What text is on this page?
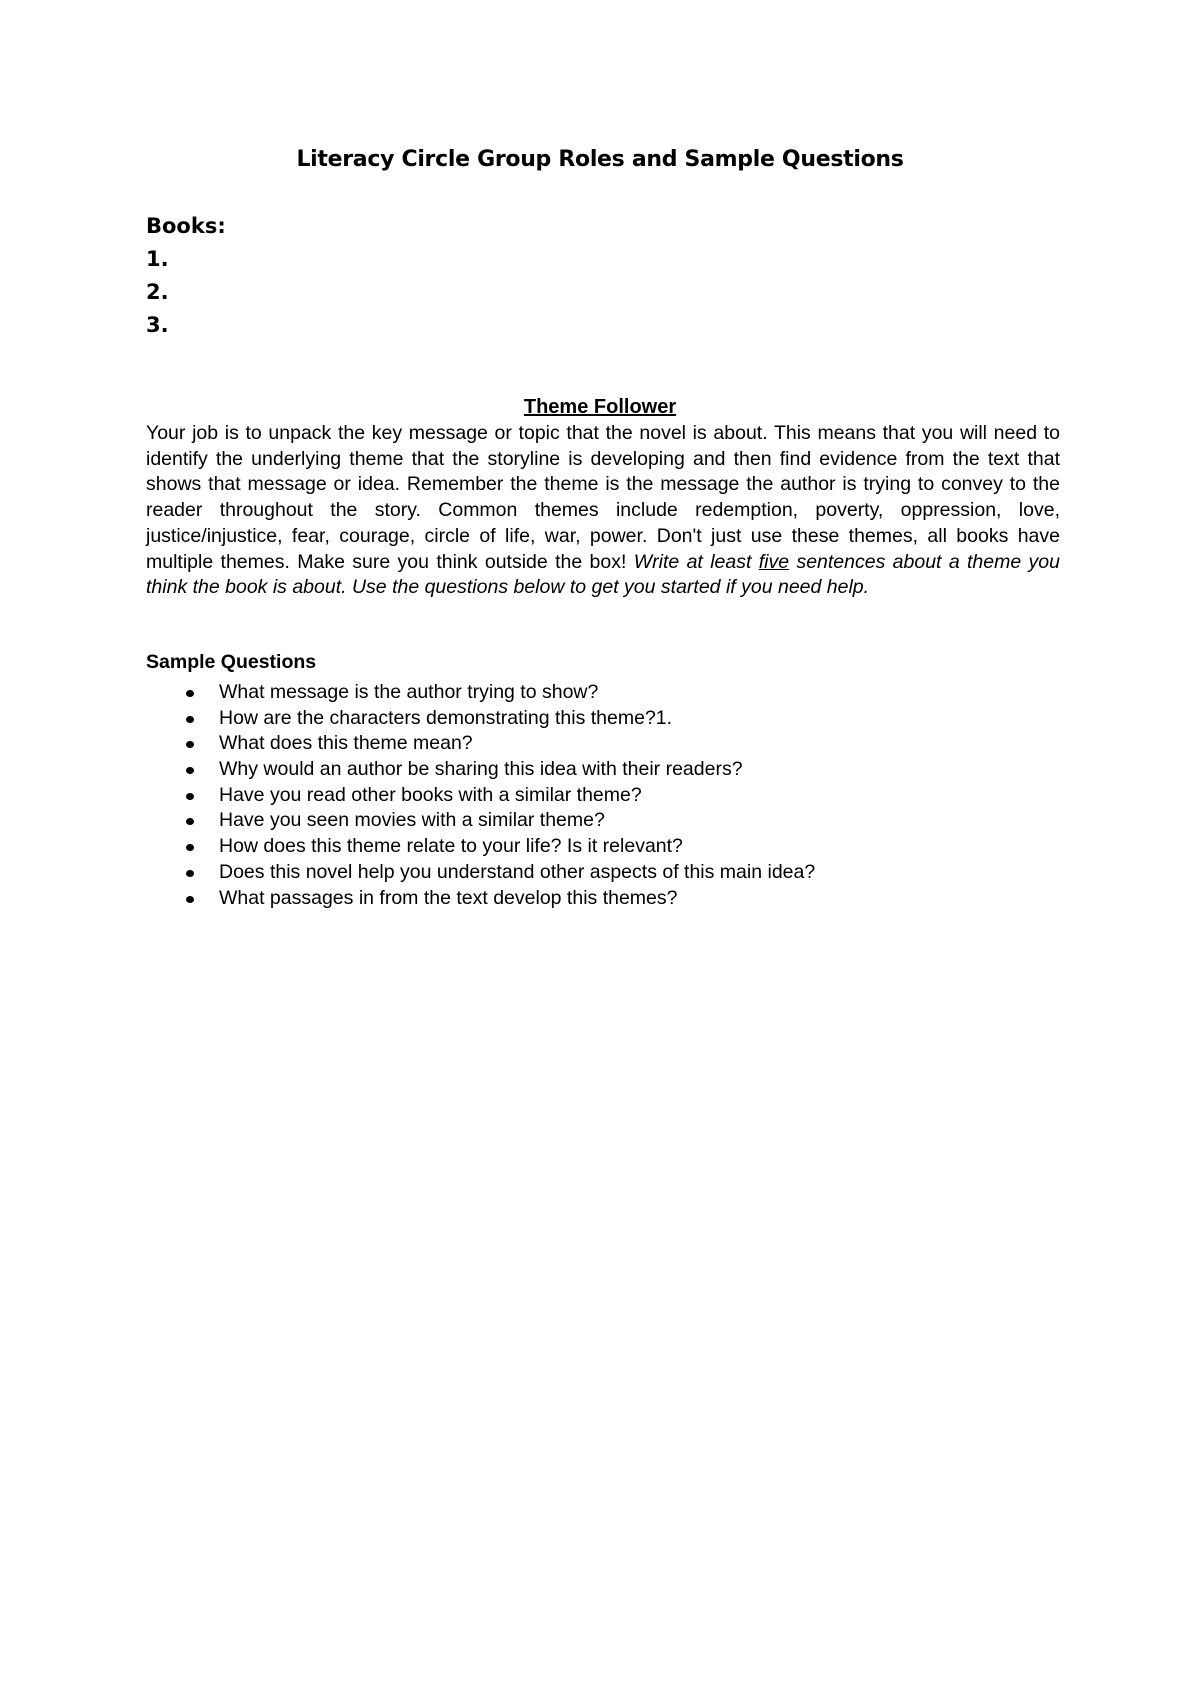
Literacy Circle Group Roles and Sample Questions
Books:
1.
2.
3.
Theme Follower
Your job is to unpack the key message or topic that the novel is about. This means that you will need to identify the underlying theme that the storyline is developing and then find evidence from the text that shows that message or idea. Remember the theme is the message the author is trying to convey to the reader throughout the story. Common themes include redemption, poverty, oppression, love, justice/injustice, fear, courage, circle of life, war, power. Don't just use these themes, all books have multiple themes. Make sure you think outside the box! Write at least five sentences about a theme you think the book is about. Use the questions below to get you started if you need help.
Sample Questions
What message is the author trying to show?
How are the characters demonstrating this theme?1.
What does this theme mean?
Why would an author be sharing this idea with their readers?
Have you read other books with a similar theme?
Have you seen movies with a similar theme?
How does this theme relate to your life? Is it relevant?
Does this novel help you understand other aspects of this main idea?
What passages in from the text develop this themes?
